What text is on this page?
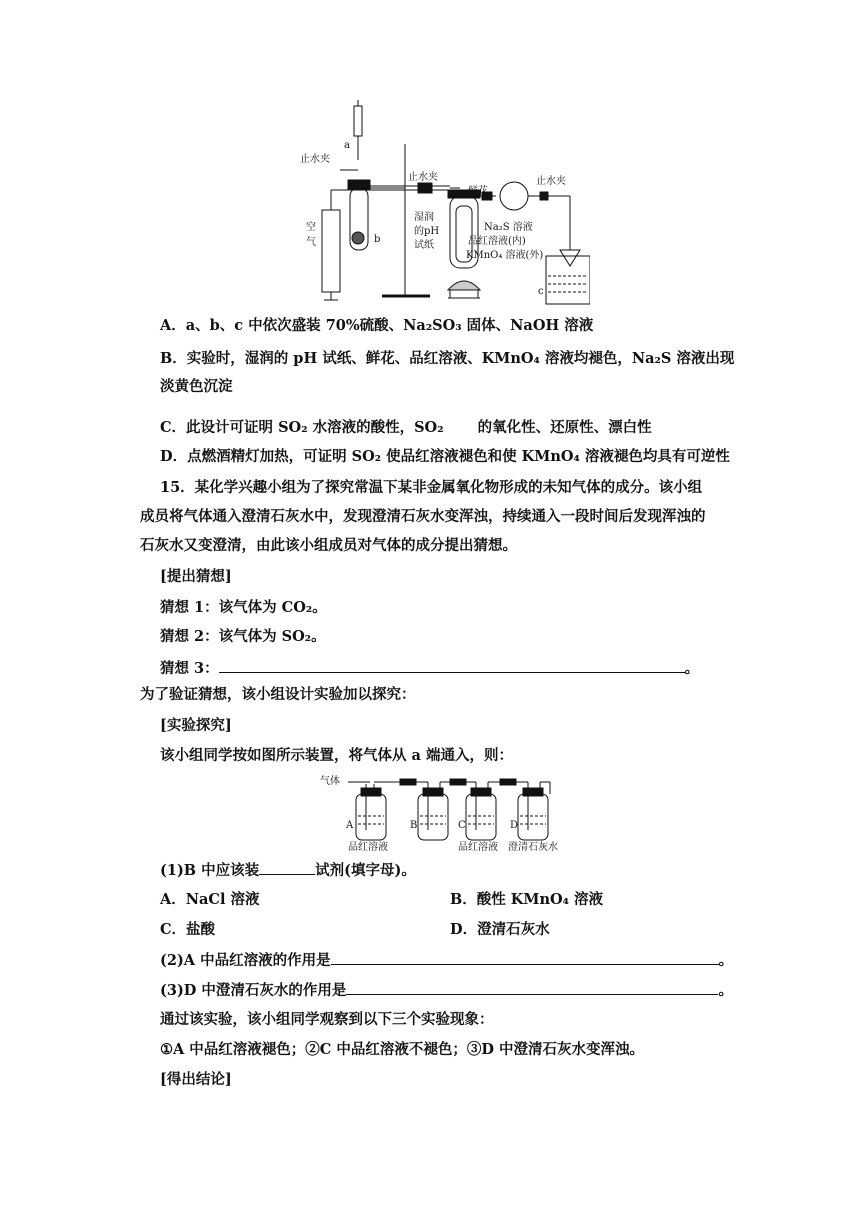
止水夹
a
b
空
气
止水夹
湿润
的pH
试纸
鲜花
Na₂S 溶液
品红溶液(内)
KMnO₄ 溶液(外)
止水夹
c
A．a、b、c 中依次盛装 70%硫酸、Na₂SO₃ 固体、NaOH 溶液
B．实验时，湿润的 pH 试纸、鲜花、品红溶液、KMnO₄ 溶液均褪色，Na₂S 溶液出现
淡黄色沉淀
C．此设计可证明 SO₂ 水溶液的酸性，SO₂　　 的氧化性、还原性、漂白性
D．点燃酒精灯加热，可证明 SO₂ 使品红溶液褪色和使 KMnO₄ 溶液褪色均具有可逆性
15．某化学兴趣小组为了探究常温下某非金属氧化物形成的未知气体的成分。该小组
成员将气体通入澄清石灰水中，发现澄清石灰水变浑浊，持续通入一段时间后发现浑浊的
石灰水又变澄清，由此该小组成员对气体的成分提出猜想。
[提出猜想]
猜想 1：该气体为 CO₂。
猜想 2：该气体为 SO₂。
猜想 3：	。
为了验证猜想，该小组设计实验加以探究：
[实验探究]
该小组同学按如图所示装置，将气体从 a 端通入，则：
气体
a
A	B	C	D
品红溶液	品红溶液 澄清石灰水
(1)B 中应该装	试剂(填字母)。
A．NaCl 溶液	B．酸性 KMnO₄ 溶液
C．盐酸	D．澄清石灰水
(2)A 中品红溶液的作用是	。
(3)D 中澄清石灰水的作用是	。
通过该实验，该小组同学观察到以下三个实验现象：
①A 中品红溶液褪色；②C 中品红溶液不褪色；③D 中澄清石灰水变浑浊。
[得出结论]
